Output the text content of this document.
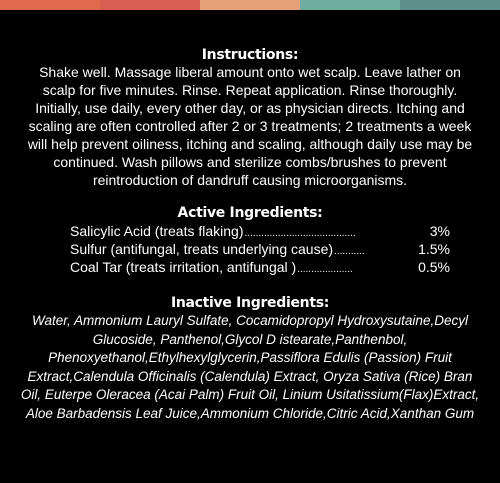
Instructions:
Shake well. Massage liberal amount onto wet scalp. Leave lather on scalp for five minutes. Rinse. Repeat application. Rinse thoroughly. Initially, use daily, every other day, or as physician directs. Itching and scaling are often controlled after 2 or 3 treatments; 2 treatments a week will help prevent oiliness, itching and scaling, although daily use may be continued. Wash pillows and sterilize combs/brushes to prevent reintroduction of dandruff causing microorganisms.
Active Ingredients:
Salicylic Acid (treats flaking) ........................................	3%
Sulfur (antifungal, treats underlying cause) ...........	1.5%
Coal Tar (treats irritation, antifungal ) ....................	0.5%
Inactive Ingredients:
Water, Ammonium Lauryl Sulfate, Cocamidopropyl Hydroxysutaine,Decyl Glucoside, Panthenol,Glycol D istearate,Panthenbol, Phenoxyethanol,Ethylhexylglycerin,Passiflora Edulis (Passion) Fruit Extract,Calendula Officinalis (Calendula) Extract, Oryza Sativa (Rice) Bran Oil, Euterpe Oleracea (Acai Palm) Fruit Oil, Linium Usitatissium(Flax)Extract, Aloe Barbadensis Leaf Juice,Ammonium Chloride,Citric Acid,Xanthan Gum
